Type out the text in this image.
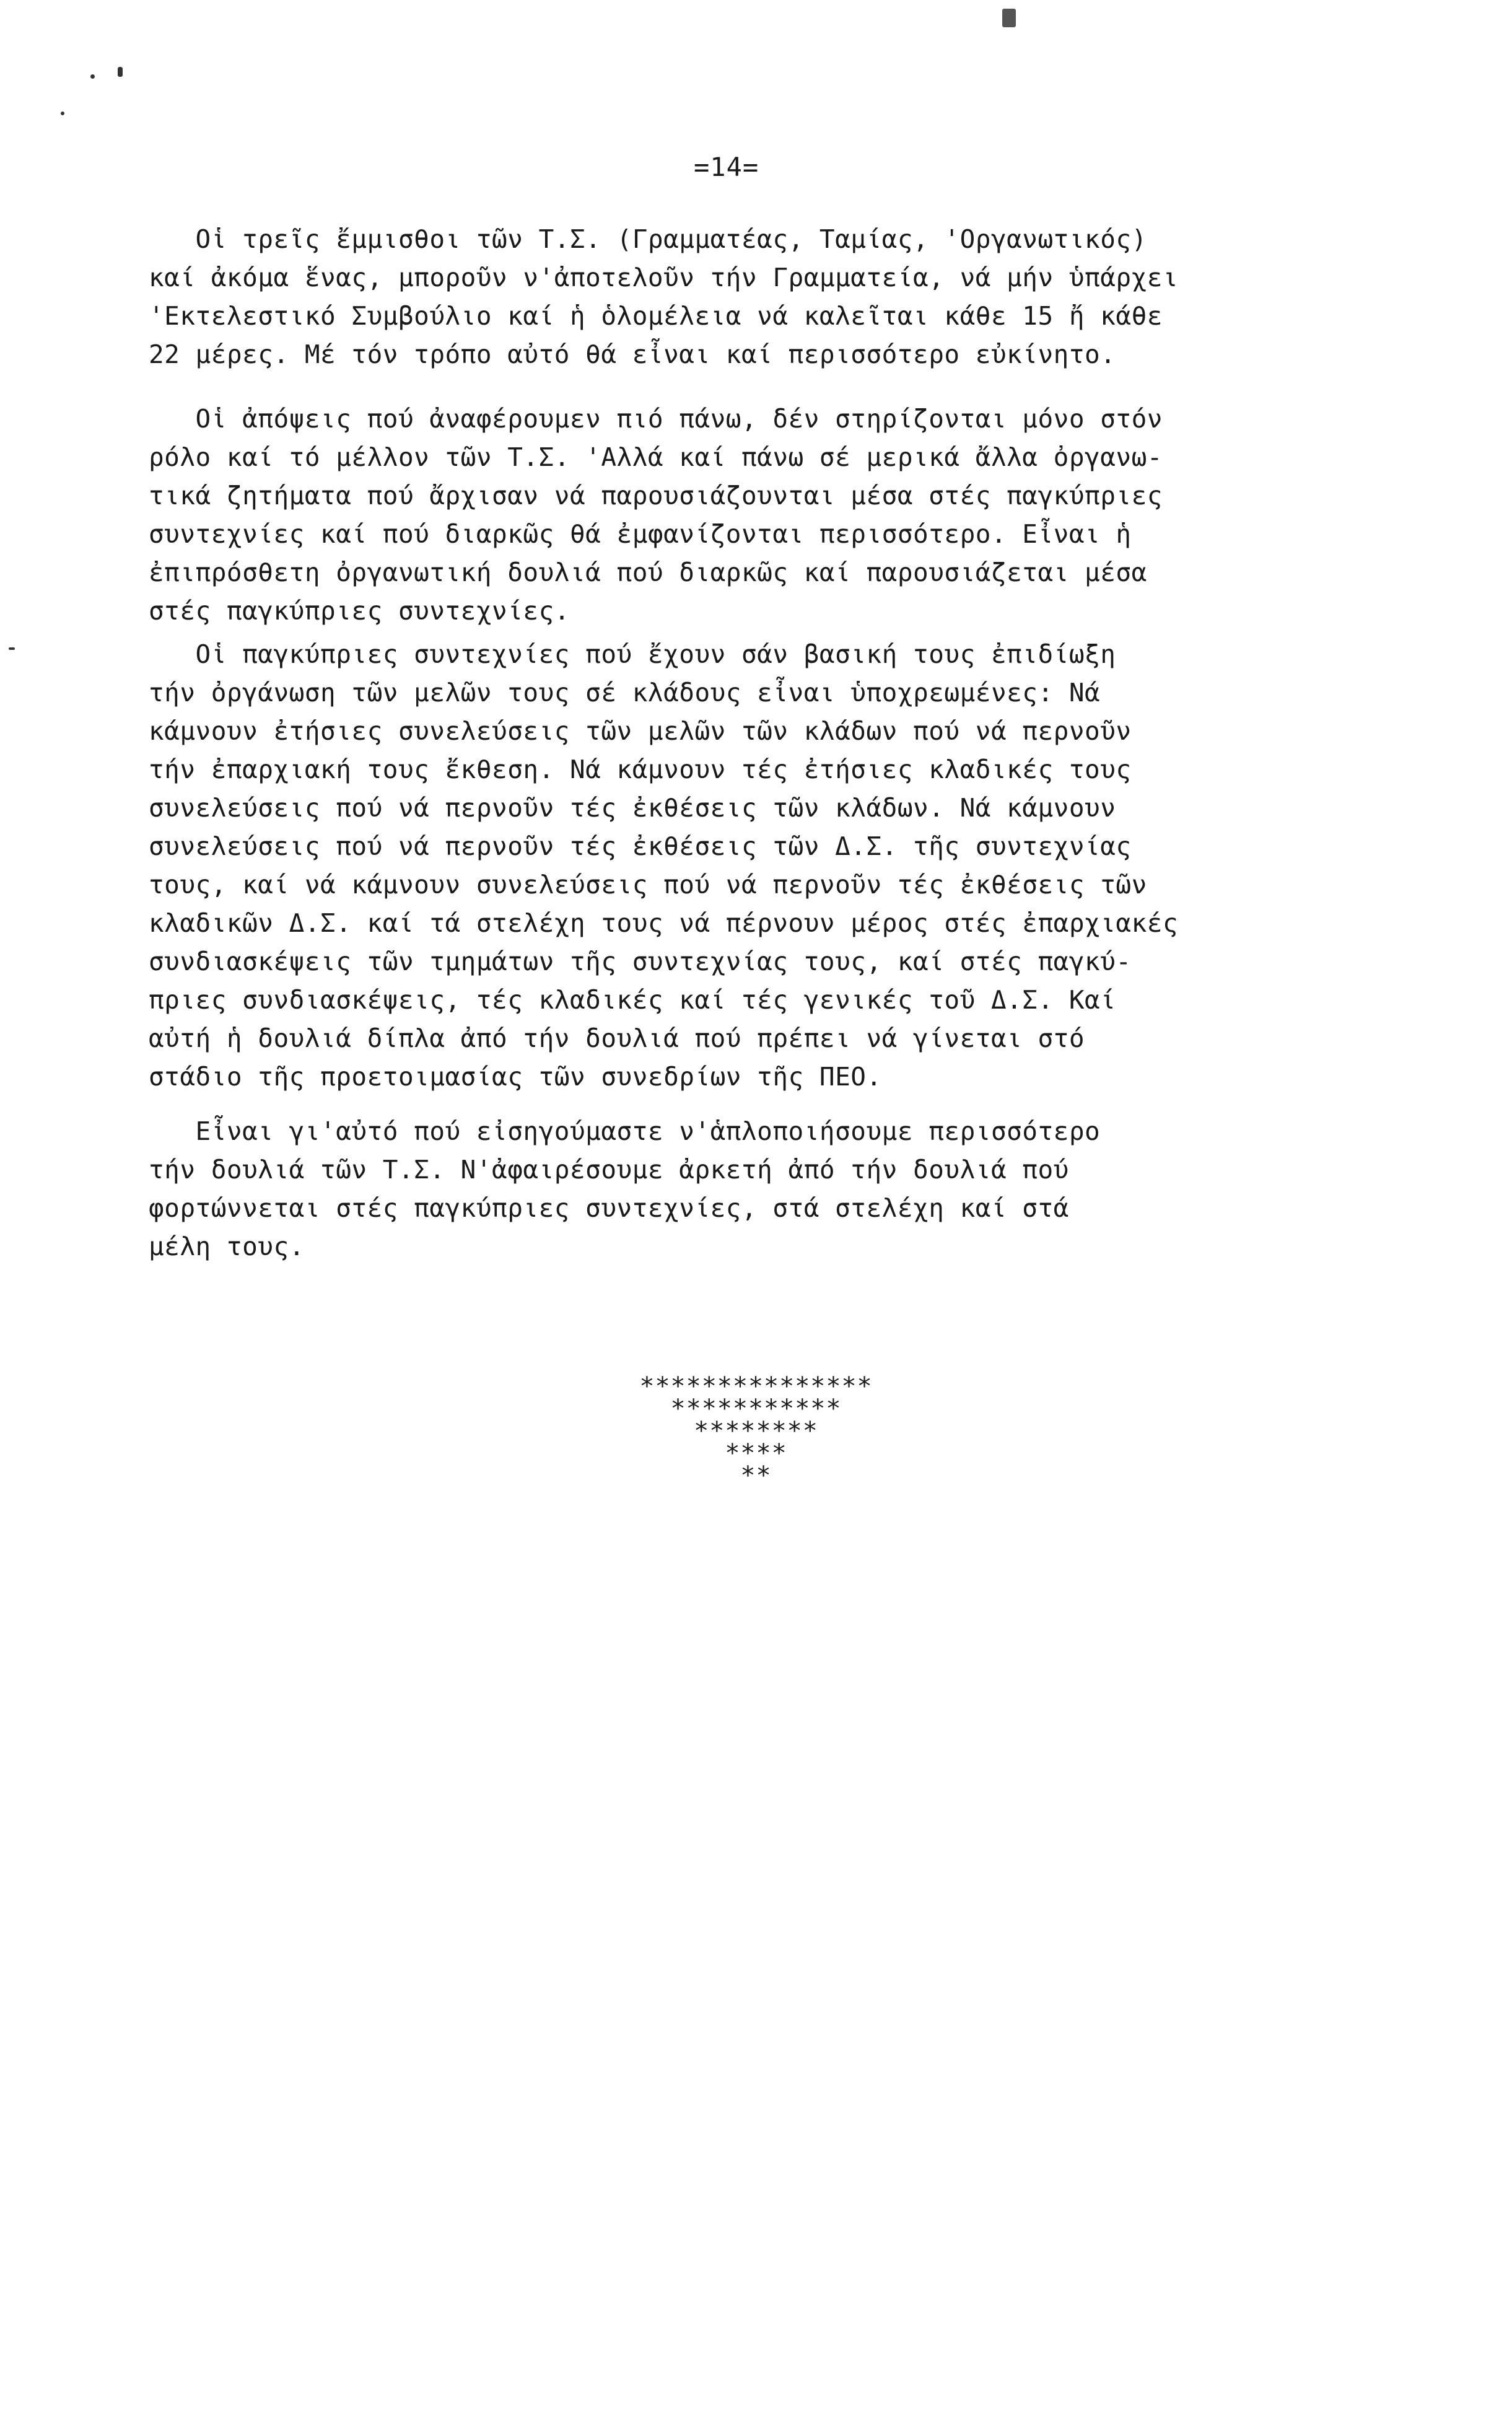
=14=
Οἱ τρεῖς ἔμμισθοι τῶν Τ.Σ. (Γραμματέας, Ταμίας, 'Οργανωτικός)
καί ἀκόμα ἕνας, μποροῦν ν'ἀποτελοῦν τήν Γραμματεία, νά μήν ὑπάρχει
'Εκτελεστικό Συμβούλιο καί ἡ ὁλομέλεια νά καλεῖται κάθε 15 ἤ κάθε
22 μέρες. Μέ τόν τρόπο αὐτό θά εἶναι καί περισσότερο εὐκίνητο.
Οἱ ἀπόψεις πού ἀναφέρουμεν πιό πάνω, δέν στηρίζονται μόνο στόν
ρόλο καί τό μέλλον τῶν Τ.Σ. 'Αλλά καί πάνω σέ μερικά ἄλλα ὀργανω-
τικά ζητήματα πού ἄρχισαν νά παρουσιάζουνται μέσα στές παγκύπριες
συντεχνίες καί πού διαρκῶς θά ἐμφανίζονται περισσότερο. Εἶναι ἡ
ἐπιπρόσθετη ὀργανωτική δουλιά πού διαρκῶς καί παρουσιάζεται μέσα
στές παγκύπριες συντεχνίες.
Οἱ παγκύπριες συντεχνίες πού ἔχουν σάν βασική τους ἐπιδίωξη
τήν ὀργάνωση τῶν μελῶν τους σέ κλάδους εἶναι ὑποχρεωμένες: Νά
κάμνουν ἐτήσιες συνελεύσεις τῶν μελῶν τῶν κλάδων πού νά περνοῦν
τήν ἐπαρχιακή τους ἔκθεση. Νά κάμνουν τές ἐτήσιες κλαδικές τους
συνελεύσεις πού νά περνοῦν τές ἐκθέσεις τῶν κλάδων. Νά κάμνουν
συνελεύσεις πού νά περνοῦν τές ἐκθέσεις τῶν Δ.Σ. τῆς συντεχνίας
τους, καί νά κάμνουν συνελεύσεις πού νά περνοῦν τές ἐκθέσεις τῶν
κλαδικῶν Δ.Σ. καί τά στελέχη τους νά πέρνουν μέρος στές ἐπαρχιακές
συνδιασκέψεις τῶν τμημάτων τῆς συντεχνίας τους, καί στές παγκύ-
πριες συνδιασκέψεις, τές κλαδικές καί τές γενικές τοῦ Δ.Σ. Καί
αὐτή ἡ δουλιά δίπλα ἀπό τήν δουλιά πού πρέπει νά γίνεται στό
στάδιο τῆς προετοιμασίας τῶν συνεδρίων τῆς ΠΕΟ.
Εἶναι γι'αὐτό πού εἰσηγούμαστε ν'ἁπλοποιήσουμε περισσότερο
τήν δουλιά τῶν Τ.Σ. Ν'ἀφαιρέσουμε ἀρκετή ἀπό τήν δουλιά πού
φορτώννεται στές παγκύπριες συντεχνίες, στά στελέχη καί στά
μέλη τους.
***************
***********
********
****
**
